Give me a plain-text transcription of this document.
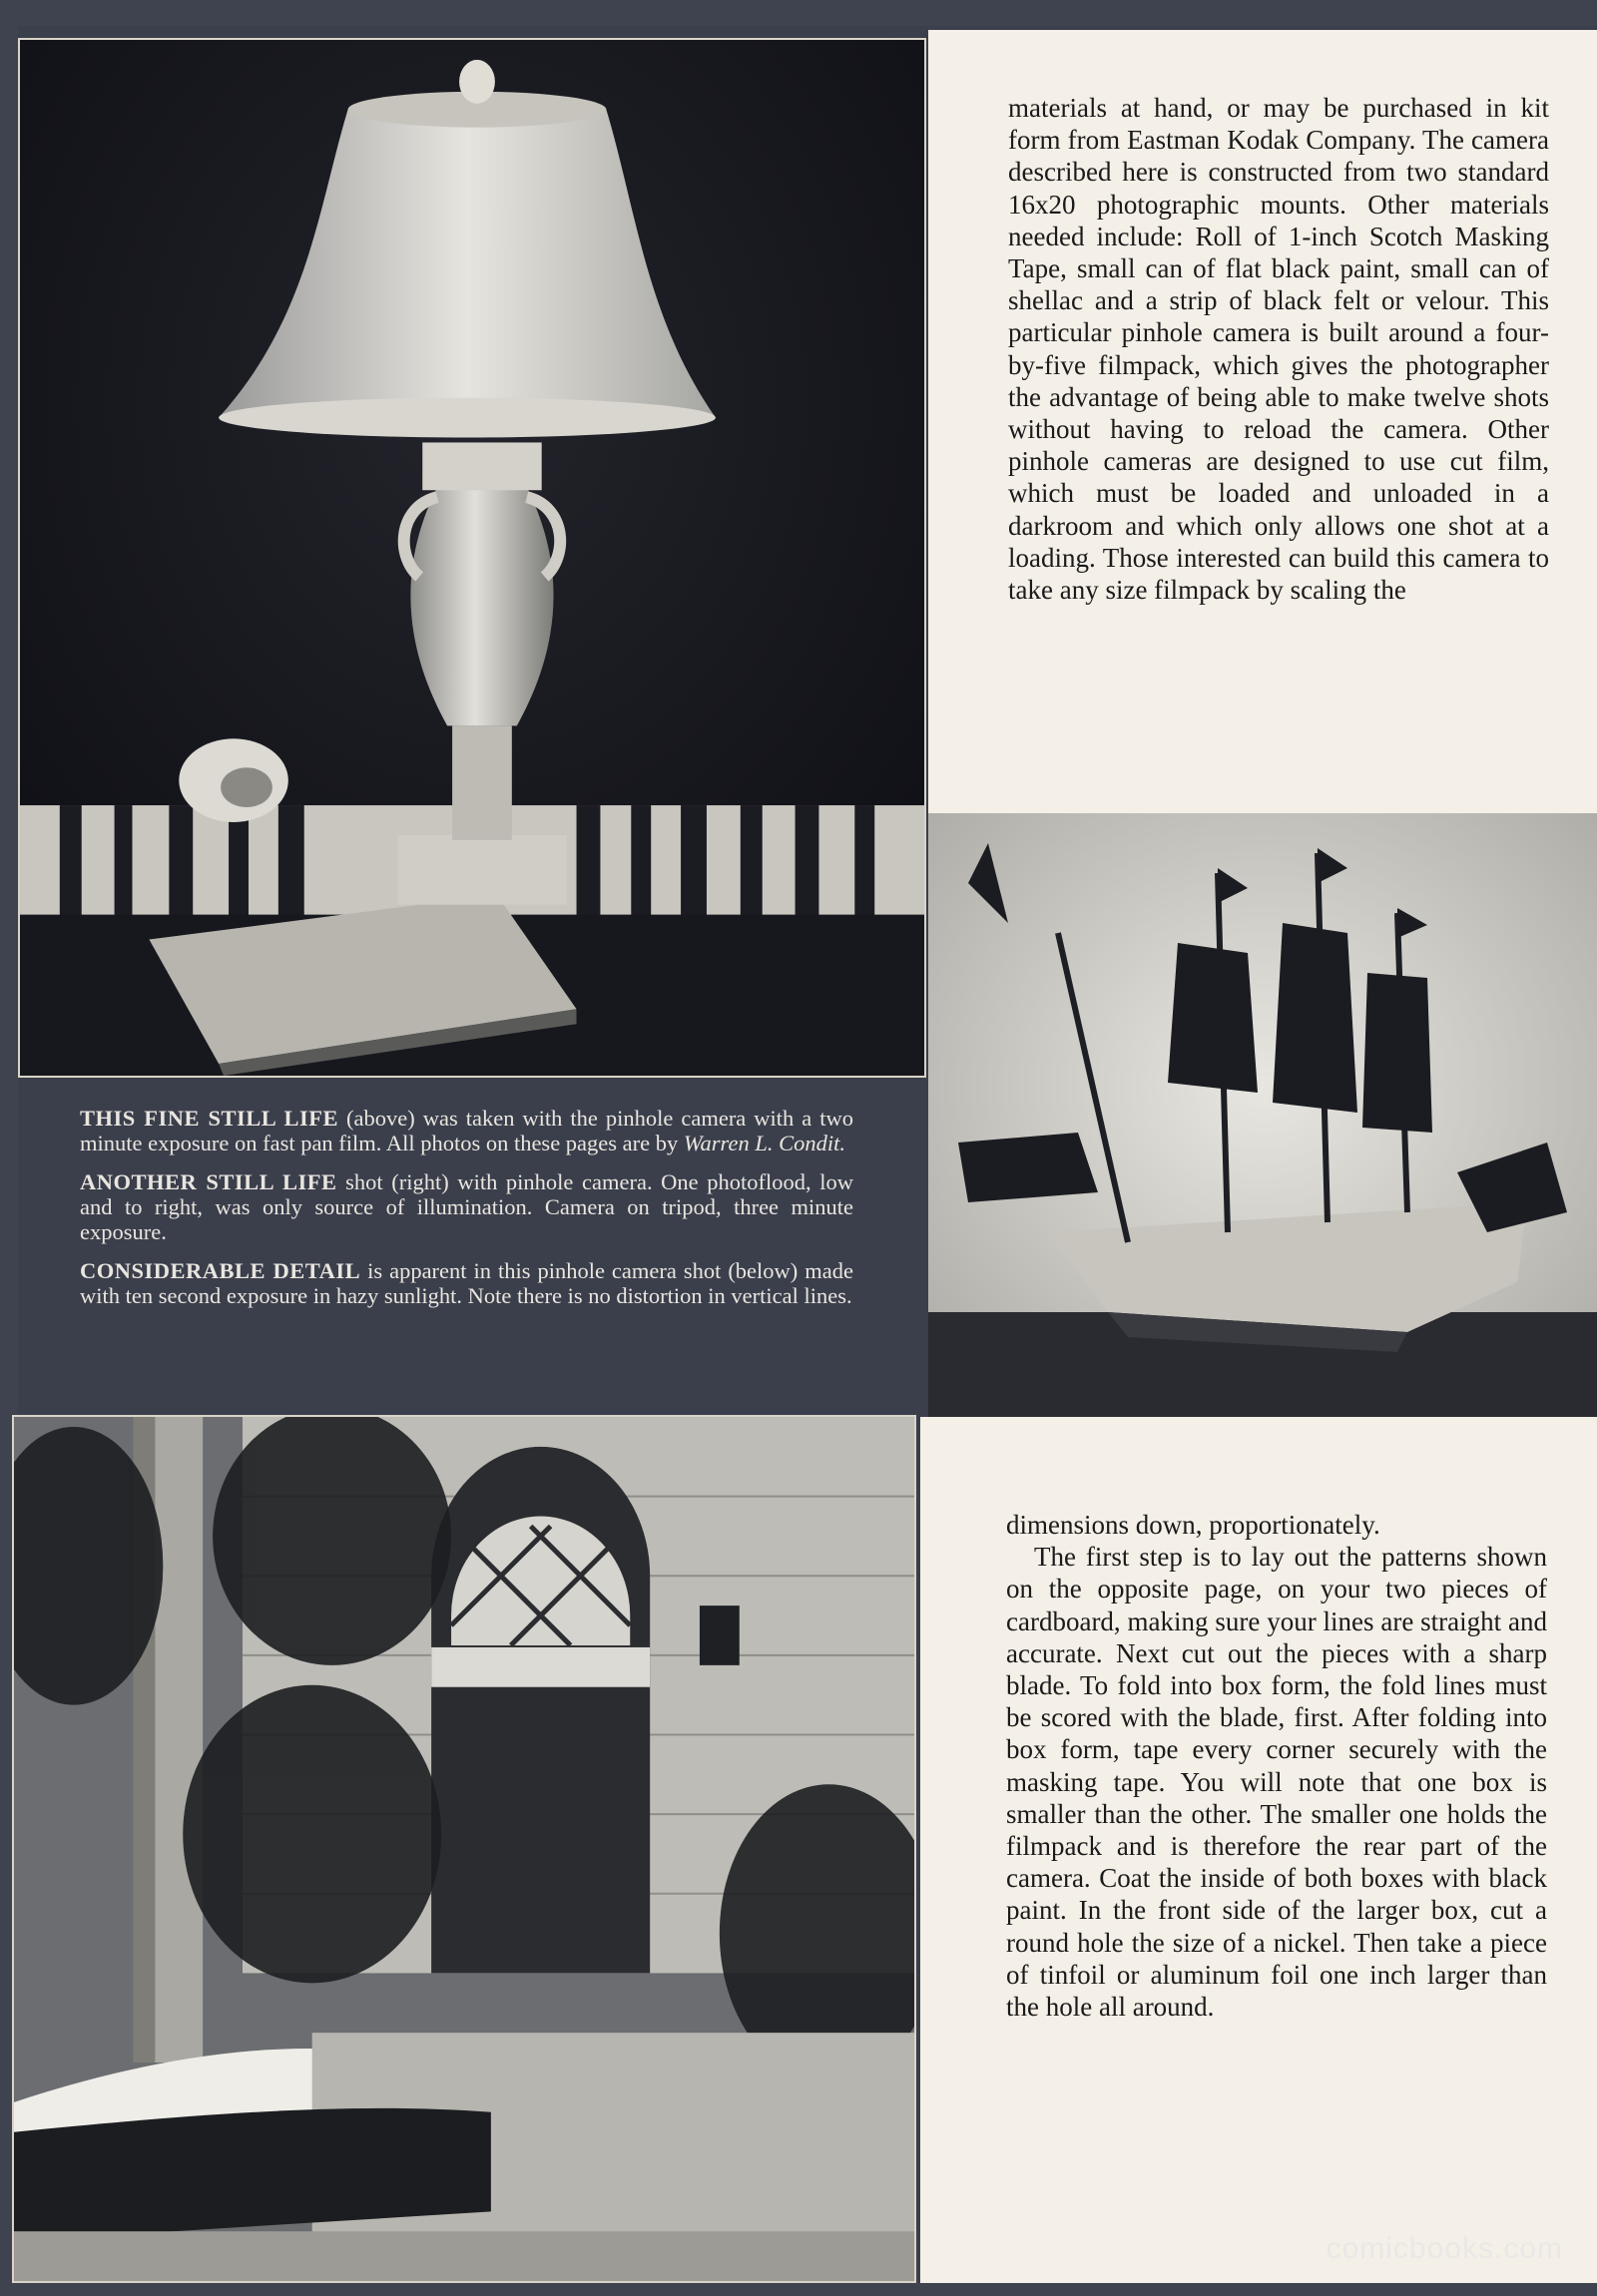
materials at hand, or may be purchased in kit form from Eastman Kodak Company. The camera described here is constructed from two standard 16x20 photographic mounts. Other materials needed include: Roll of 1-inch Scotch Masking Tape, small can of flat black paint, small can of shellac and a strip of black felt or velour. This particular pinhole camera is built around a four-by-five filmpack, which gives the photographer the advantage of being able to make twelve shots without having to reload the camera. Other pinhole cameras are designed to use cut film, which must be loaded and unloaded in a darkroom and which only allows one shot at a loading. Those interested can build this camera to take any size filmpack by scaling the

THIS FINE STILL LIFE (above) was taken with the pinhole camera with a two minute exposure on fast pan film. All photos on these pages are by Warren L. Condit.

ANOTHER STILL LIFE shot (right) with pinhole camera. One photoflood, low and to right, was only source of illumination. Camera on tripod, three minute exposure.

CONSIDERABLE DETAIL is apparent in this pinhole camera shot (below) made with ten second exposure in hazy sunlight. Note there is no distortion in vertical lines.

dimensions down, proportionately.

The first step is to lay out the patterns shown on the opposite page, on your two pieces of cardboard, making sure your lines are straight and accurate. Next cut out the pieces with a sharp blade. To fold into box form, the fold lines must be scored with the blade, first. After folding into box form, tape every corner securely with the masking tape. You will note that one box is smaller than the other. The smaller one holds the filmpack and is therefore the rear part of the camera. Coat the inside of both boxes with black paint. In the front side of the larger box, cut a round hole the size of a nickel. Then take a piece of tinfoil or aluminum foil one inch larger than the hole all around.

comicbooks.com
